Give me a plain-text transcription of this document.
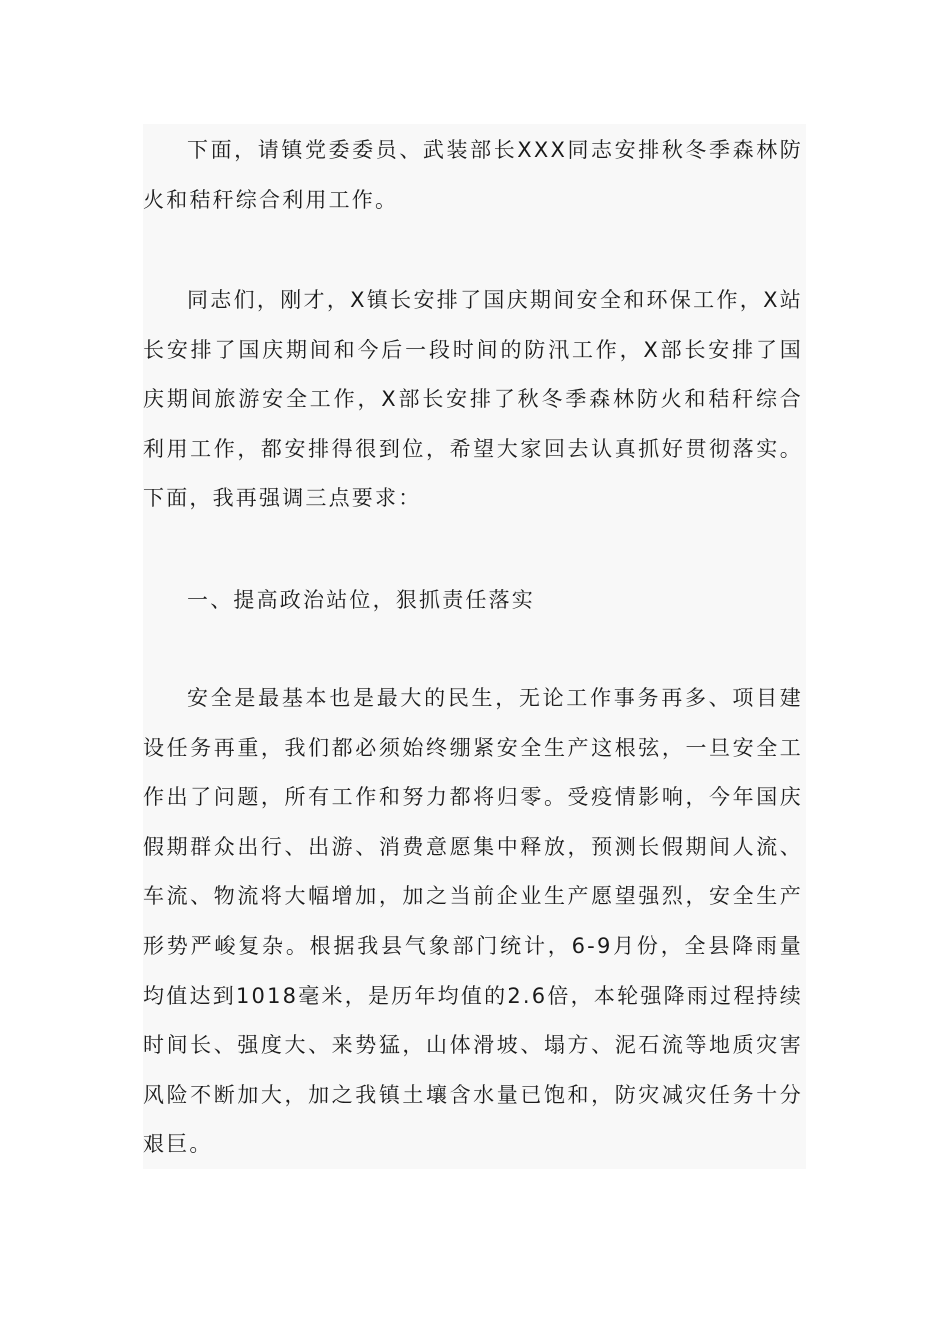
下面，请镇党委委员、武装部长XXX同志安排秋冬季森林防火和秸秆综合利用工作。

同志们，刚才，X镇长安排了国庆期间安全和环保工作，X站长安排了国庆期间和今后一段时间的防汛工作，X部长安排了国庆期间旅游安全工作，X部长安排了秋冬季森林防火和秸秆综合利用工作，都安排得很到位，希望大家回去认真抓好贯彻落实。下面，我再强调三点要求：

一、提高政治站位，狠抓责任落实

安全是最基本也是最大的民生，无论工作事务再多、项目建设任务再重，我们都必须始终绷紧安全生产这根弦，一旦安全工作出了问题，所有工作和努力都将归零。受疫情影响，今年国庆假期群众出行、出游、消费意愿集中释放，预测长假期间人流、车流、物流将大幅增加，加之当前企业生产愿望强烈，安全生产形势严峻复杂。根据我县气象部门统计，6-9月份，全县降雨量均值达到1018毫米，是历年均值的2.6倍，本轮强降雨过程持续时间长、强度大、来势猛，山体滑坡、塌方、泥石流等地质灾害风险不断加大，加之我镇土壤含水量已饱和，防灾减灾任务十分艰巨。
